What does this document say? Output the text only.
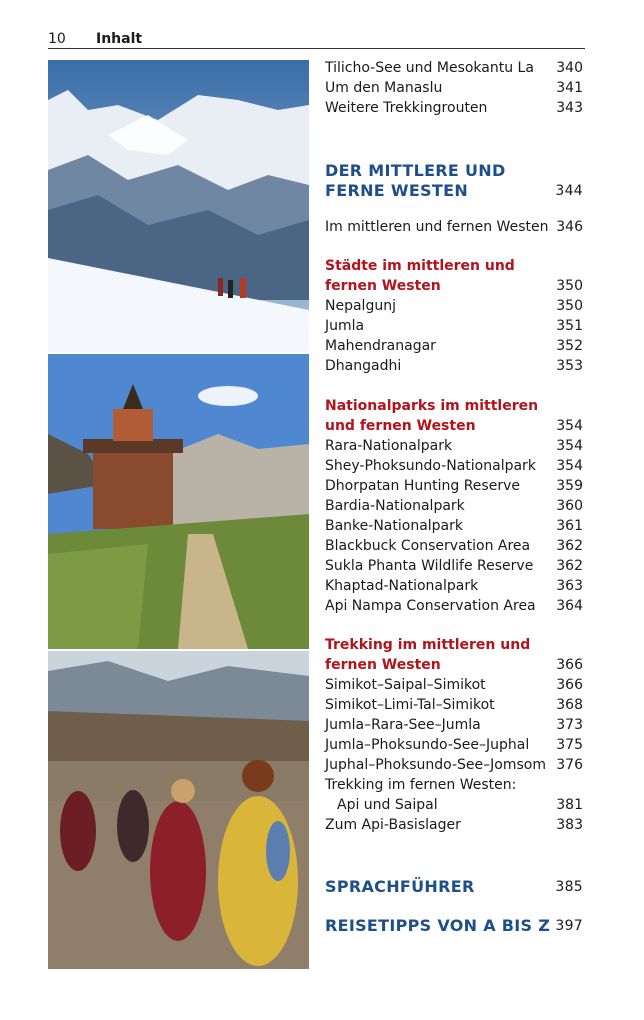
10 Inhalt
Tilicho-See und Mesokantu La 340
Um den Manaslu	341
Weitere Trekkingrouten	343
DER MITTLERE UND
FERNE WESTEN	344
Im mittleren und fernen Westen 346
Städte im mittleren und
fernen Westen	350
Nepalgunj	350
Jumla	351
Mahendranagar	352
Dhangadhi	353
Nationalparks im mittleren
und fernen Westen	354
Rara-Nationalpark	354
Shey-Phoksundo-Nationalpark 354
Dhorpatan Hunting Reserve	359
Bardia-Nationalpark	360
Banke-Nationalpark	361
Blackbuck Conservation Area 362
Sukla Phanta Wildlife Reserve 362
Khaptad-Nationalpark	363
Api Nampa Conservation Area 364
Trekking im mittleren und
fernen Westen	366
Simikot–Saipal–Simikot	366
Simikot–Limi-Tal–Simikot	368
Jumla–Rara-See–Jumla	373
Jumla–Phoksundo-See–Juphal 375
Juphal–Phoksundo-See–Jomsom 376
Trekking im fernen Westen:
Api und Saipal	381
Zum Api-Basislager	383
SPRACHFÜHRER	385
REISETIPPS VON A BIS Z 397
